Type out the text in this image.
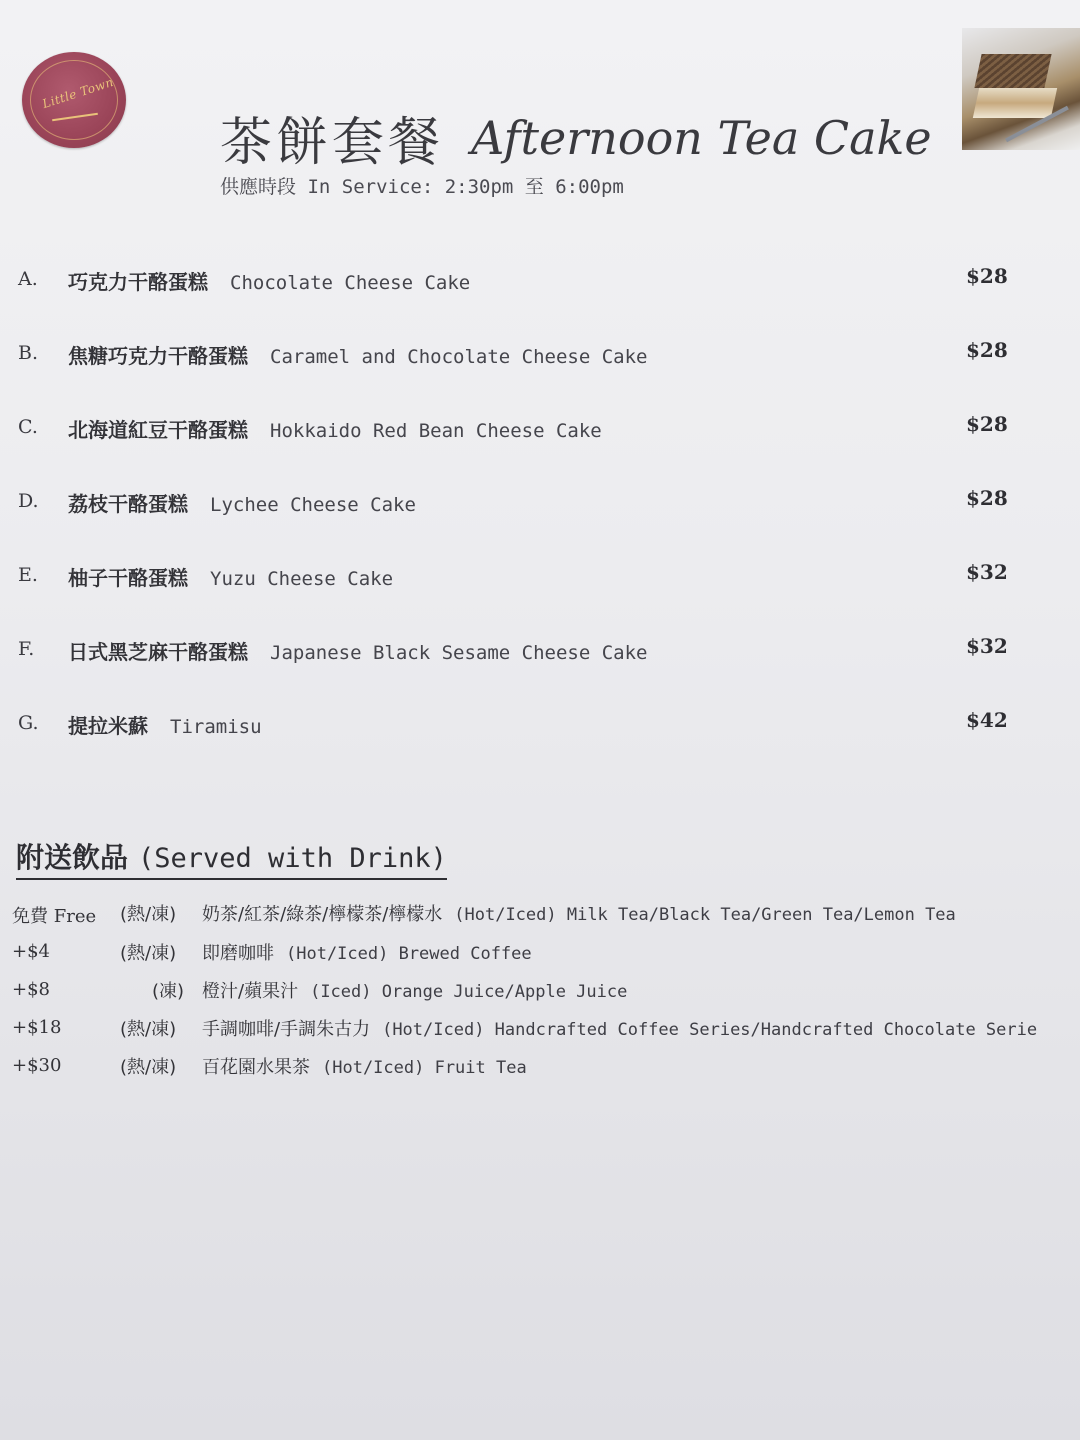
Little Town
茶餅套餐 Afternoon Tea Cake
供應時段 In Service: 2:30pm 至 6:00pm
A. 巧克力干酪蛋糕 Chocolate Cheese Cake	$28
B. 焦糖巧克力干酪蛋糕 Caramel and Chocolate Cheese Cake	$28
C. 北海道紅豆干酪蛋糕 Hokkaido Red Bean Cheese Cake	$28
D. 荔枝干酪蛋糕 Lychee Cheese Cake	$28
E. 柚子干酪蛋糕 Yuzu Cheese Cake	$32
F. 日式黑芝麻干酪蛋糕 Japanese Black Sesame Cheese Cake	$32
G. 提拉米蘇 Tiramisu	$42
附送飲品 (Served with Drink)
免費 Free (熱/凍) 奶茶/紅茶/綠茶/檸檬茶/檸檬水 (Hot/Iced) Milk Tea/Black Tea/Green Tea/Lemon Tea
+$4	(熱/凍) 即磨咖啡 (Hot/Iced) Brewed Coffee
+$8	(凍) 橙汁/蘋果汁 (Iced) Orange Juice/Apple Juice
+$18	(熱/凍) 手調咖啡/手調朱古力 (Hot/Iced) Handcrafted Coffee Series/Handcrafted Chocolate Serie
+$30	(熱/凍) 百花園水果茶 (Hot/Iced) Fruit Tea
